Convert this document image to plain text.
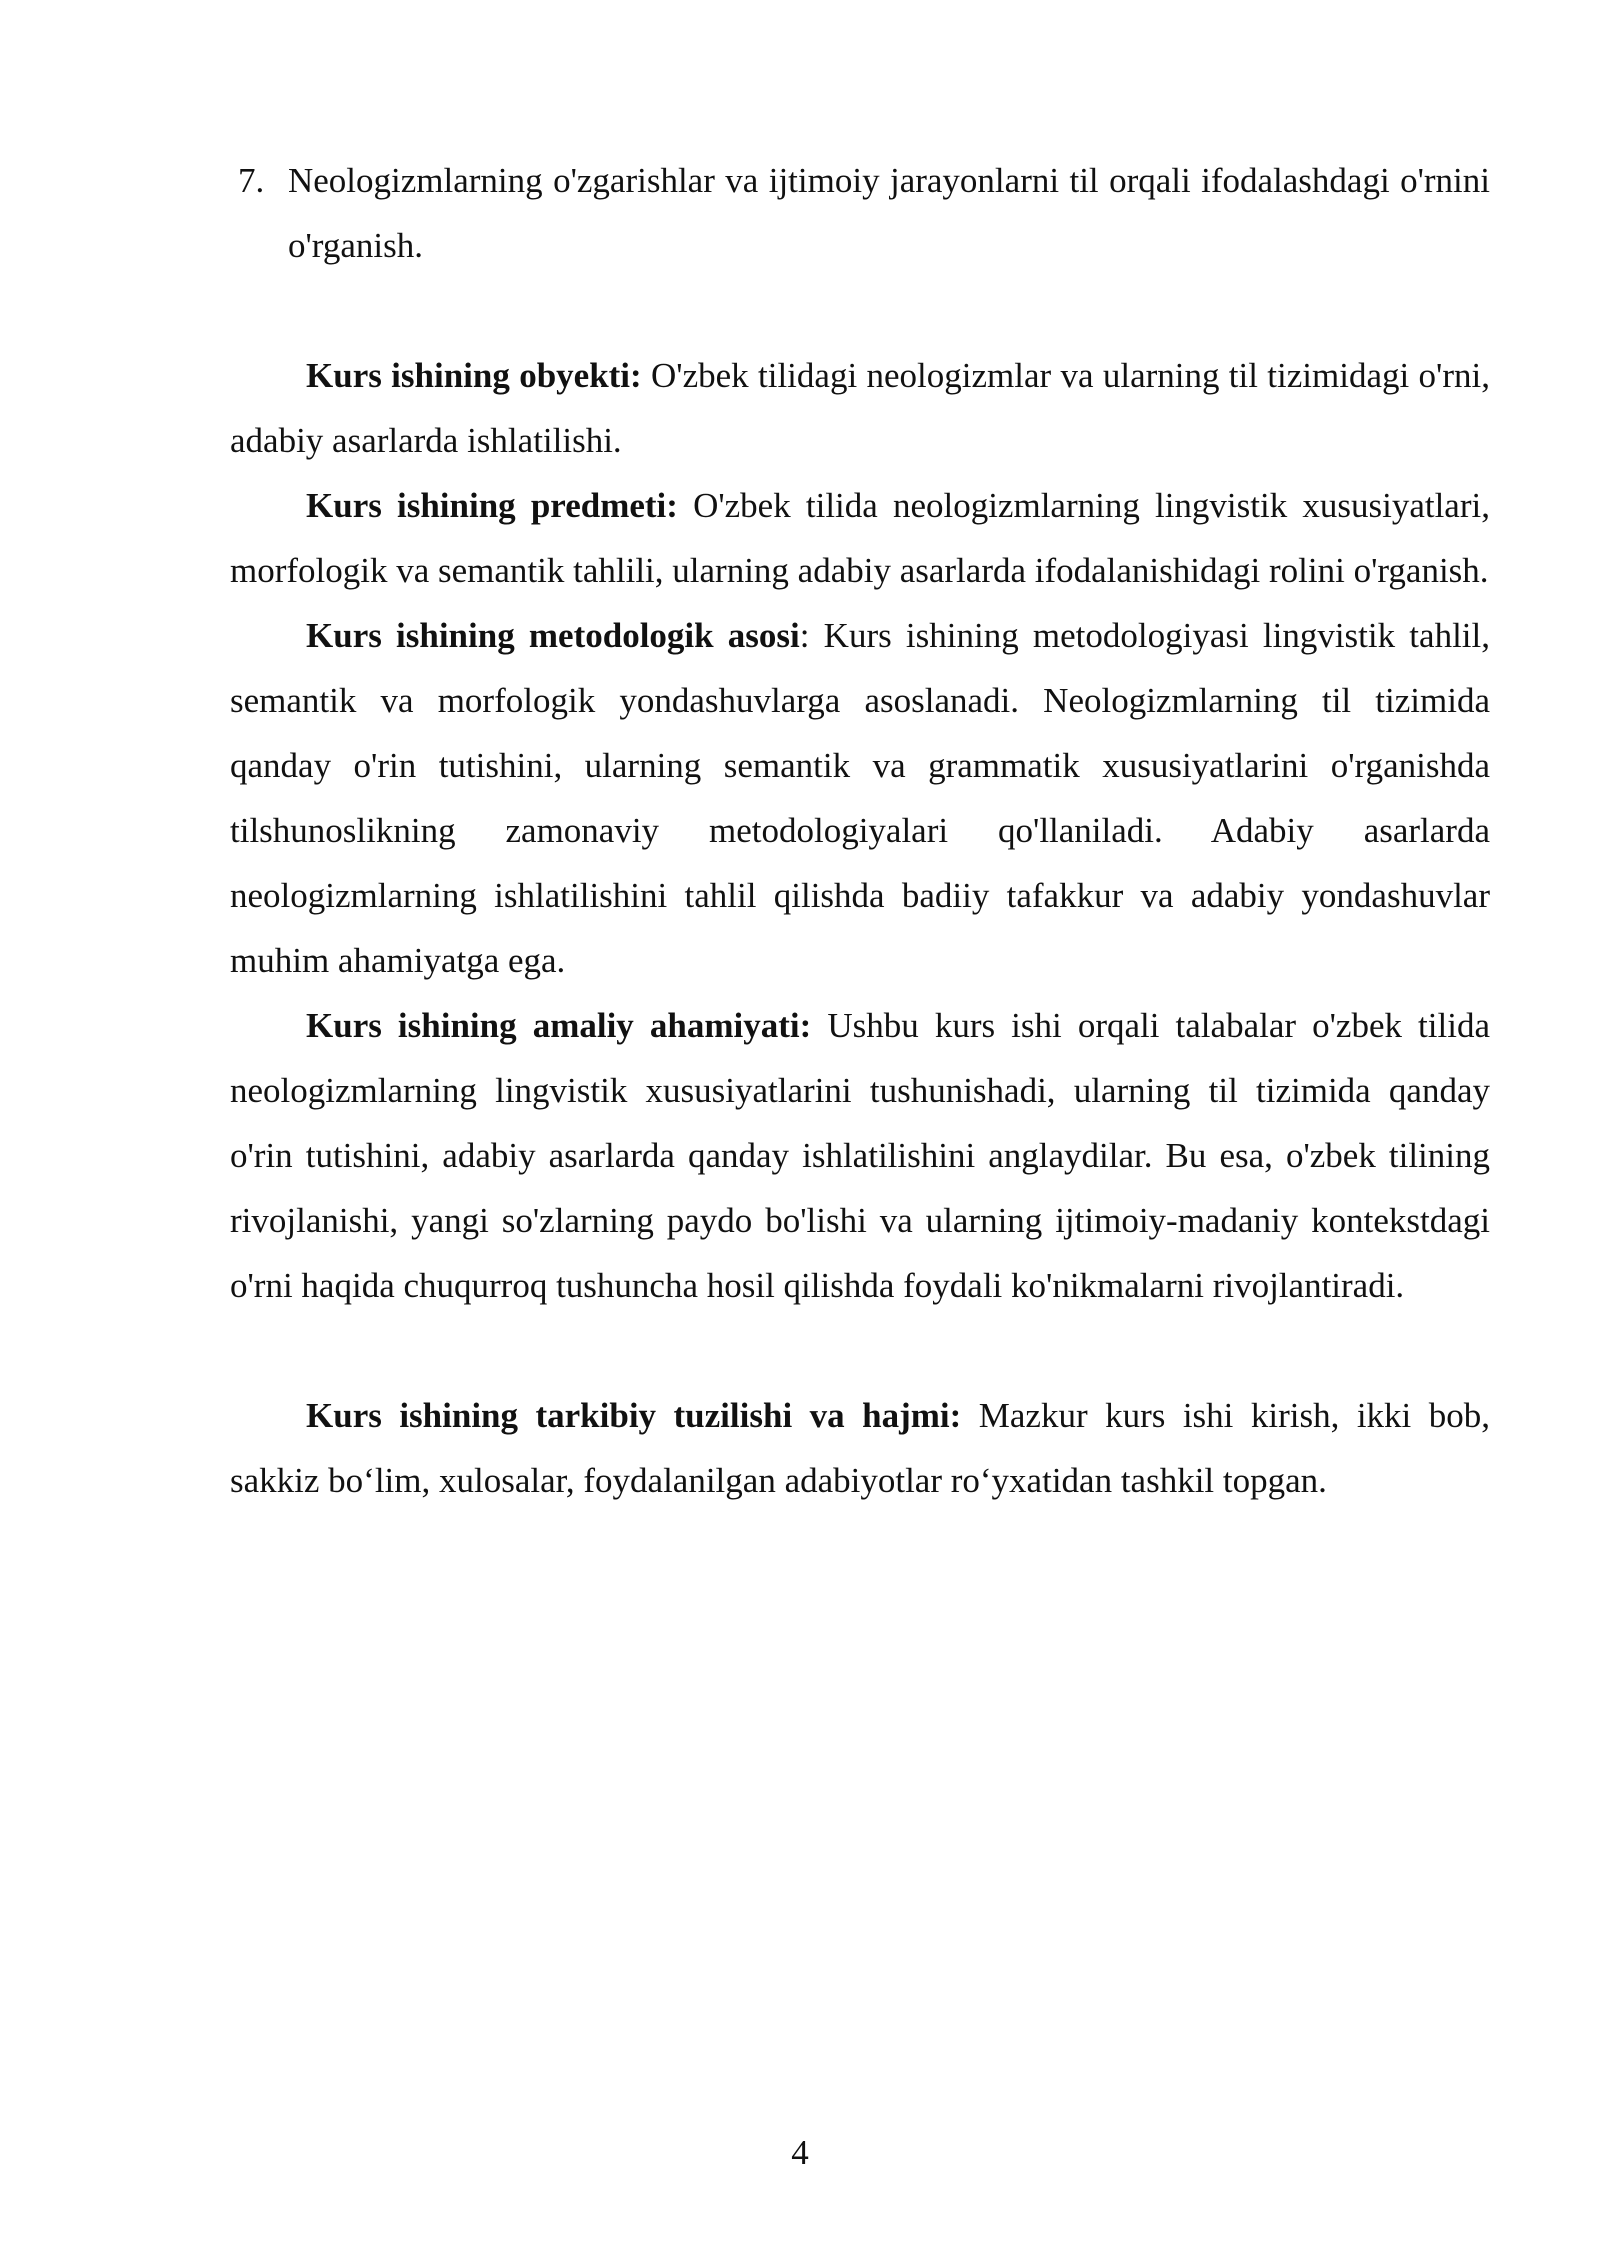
7. Neologizmlarning o'zgarishlar va ijtimoiy jarayonlarni til orqali ifodalashdagi o'rnini o'rganish.

Kurs ishining obyekti: O'zbek tilidagi neologizmlar va ularning til tizimidagi o'rni, adabiy asarlarda ishlatilishi.

Kurs ishining predmeti: O'zbek tilida neologizmlarning lingvistik xususiyatlari, morfologik va semantik tahlili, ularning adabiy asarlarda ifodalanishidagi rolini o'rganish.

Kurs ishining metodologik asosi: Kurs ishining metodologiyasi lingvistik tahlil, semantik va morfologik yondashuvlarga asoslanadi. Neologizmlarning til tizimida qanday o'rin tutishini, ularning semantik va grammatik xususiyatlarini o'rganishda tilshunoslikning zamonaviy metodologiyalari qo'llaniladi. Adabiy asarlarda neologizmlarning ishlatilishini tahlil qilishda badiiy tafakkur va adabiy yondashuvlar muhim ahamiyatga ega.

Kurs ishining amaliy ahamiyati: Ushbu kurs ishi orqali talabalar o'zbek tilida neologizmlarning lingvistik xususiyatlarini tushunishadi, ularning til tizimida qanday o'rin tutishini, adabiy asarlarda qanday ishlatilishini anglaydilar. Bu esa, o'zbek tilining rivojlanishi, yangi so'zlarning paydo bo'lishi va ularning ijtimoiy-madaniy kontekstdagi o'rni haqida chuqurroq tushuncha hosil qilishda foydali ko'nikmalarni rivojlantiradi.

Kurs ishining tarkibiy tuzilishi va hajmi: Mazkur kurs ishi kirish, ikki bob, sakkiz bo‘lim, xulosalar, foydalanilgan adabiyotlar ro‘yxatidan tashkil topgan.

4
